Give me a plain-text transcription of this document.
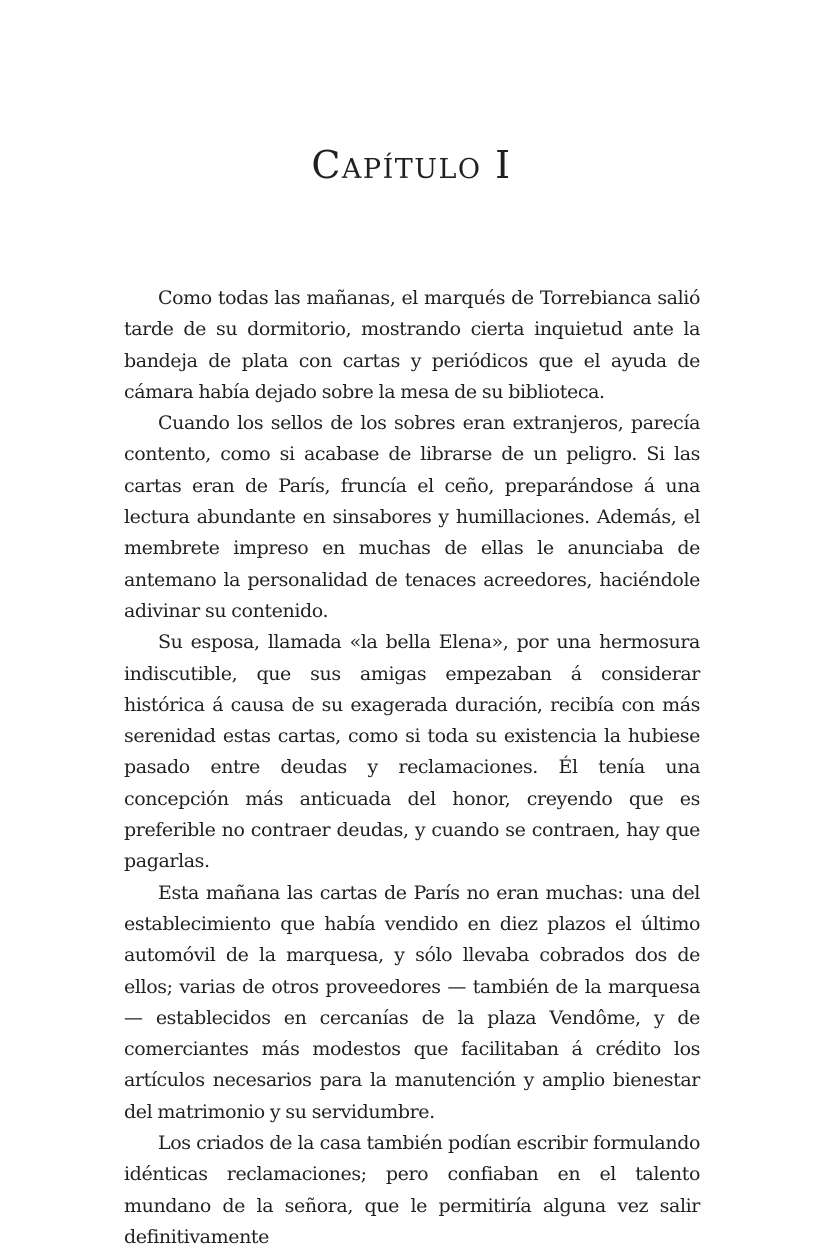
Capítulo I

Como todas las mañanas, el marqués de Torrebianca salió tarde de su dormitorio, mostrando cierta inquietud ante la bandeja de plata con cartas y periódicos que el ayuda de cámara había dejado sobre la mesa de su biblioteca.

Cuando los sellos de los sobres eran extranjeros, parecía contento, como si acabase de librarse de un peligro. Si las cartas eran de París, fruncía el ceño, preparándose á una lectura abundante en sinsabores y humillaciones. Además, el membrete impreso en muchas de ellas le anunciaba de antemano la personalidad de tenaces acreedores, haciéndole adivinar su contenido.

Su esposa, llamada «la bella Elena», por una hermosura indiscutible, que sus amigas empezaban á considerar histórica á causa de su exagerada duración, recibía con más serenidad estas cartas, como si toda su existencia la hubiese pasado entre deudas y reclamaciones. Él tenía una concepción más anticuada del honor, creyendo que es preferible no contraer deudas, y cuando se contraen, hay que pagarlas.

Esta mañana las cartas de París no eran muchas: una del establecimiento que había vendido en diez plazos el último automóvil de la marquesa, y sólo llevaba cobrados dos de ellos; varias de otros proveedores — también de la marquesa — establecidos en cercanías de la plaza Vendôme, y de comerciantes más modestos que facilitaban á crédito los artículos necesarios para la manutención y amplio bienestar del matrimonio y su servidumbre.

Los criados de la casa también podían escribir formulando idénticas reclamaciones; pero confiaban en el talento mundano de la señora, que le permitiría alguna vez salir definitivamente
